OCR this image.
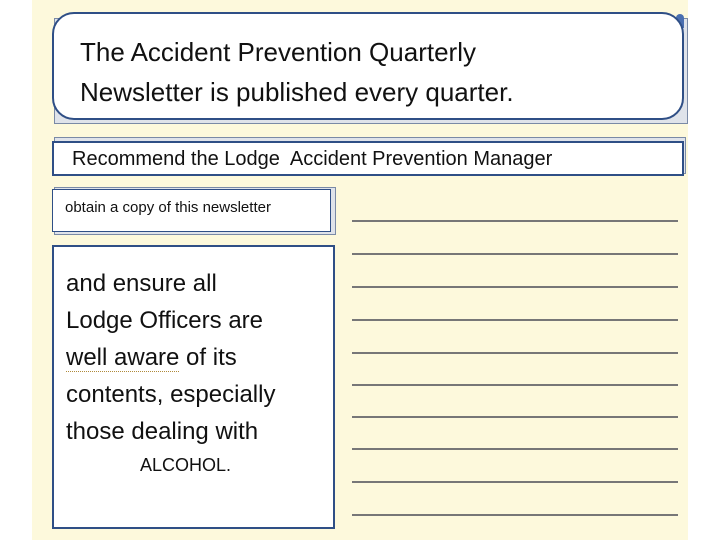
The Accident Prevention Quarterly
Newsletter is published every quarter.
Recommend the Lodge  Accident Prevention Manager
obtain a copy of this newsletter
and ensure all
Lodge Officers are
well aware of its
contents, especially
those dealing with
ALCOHOL.
